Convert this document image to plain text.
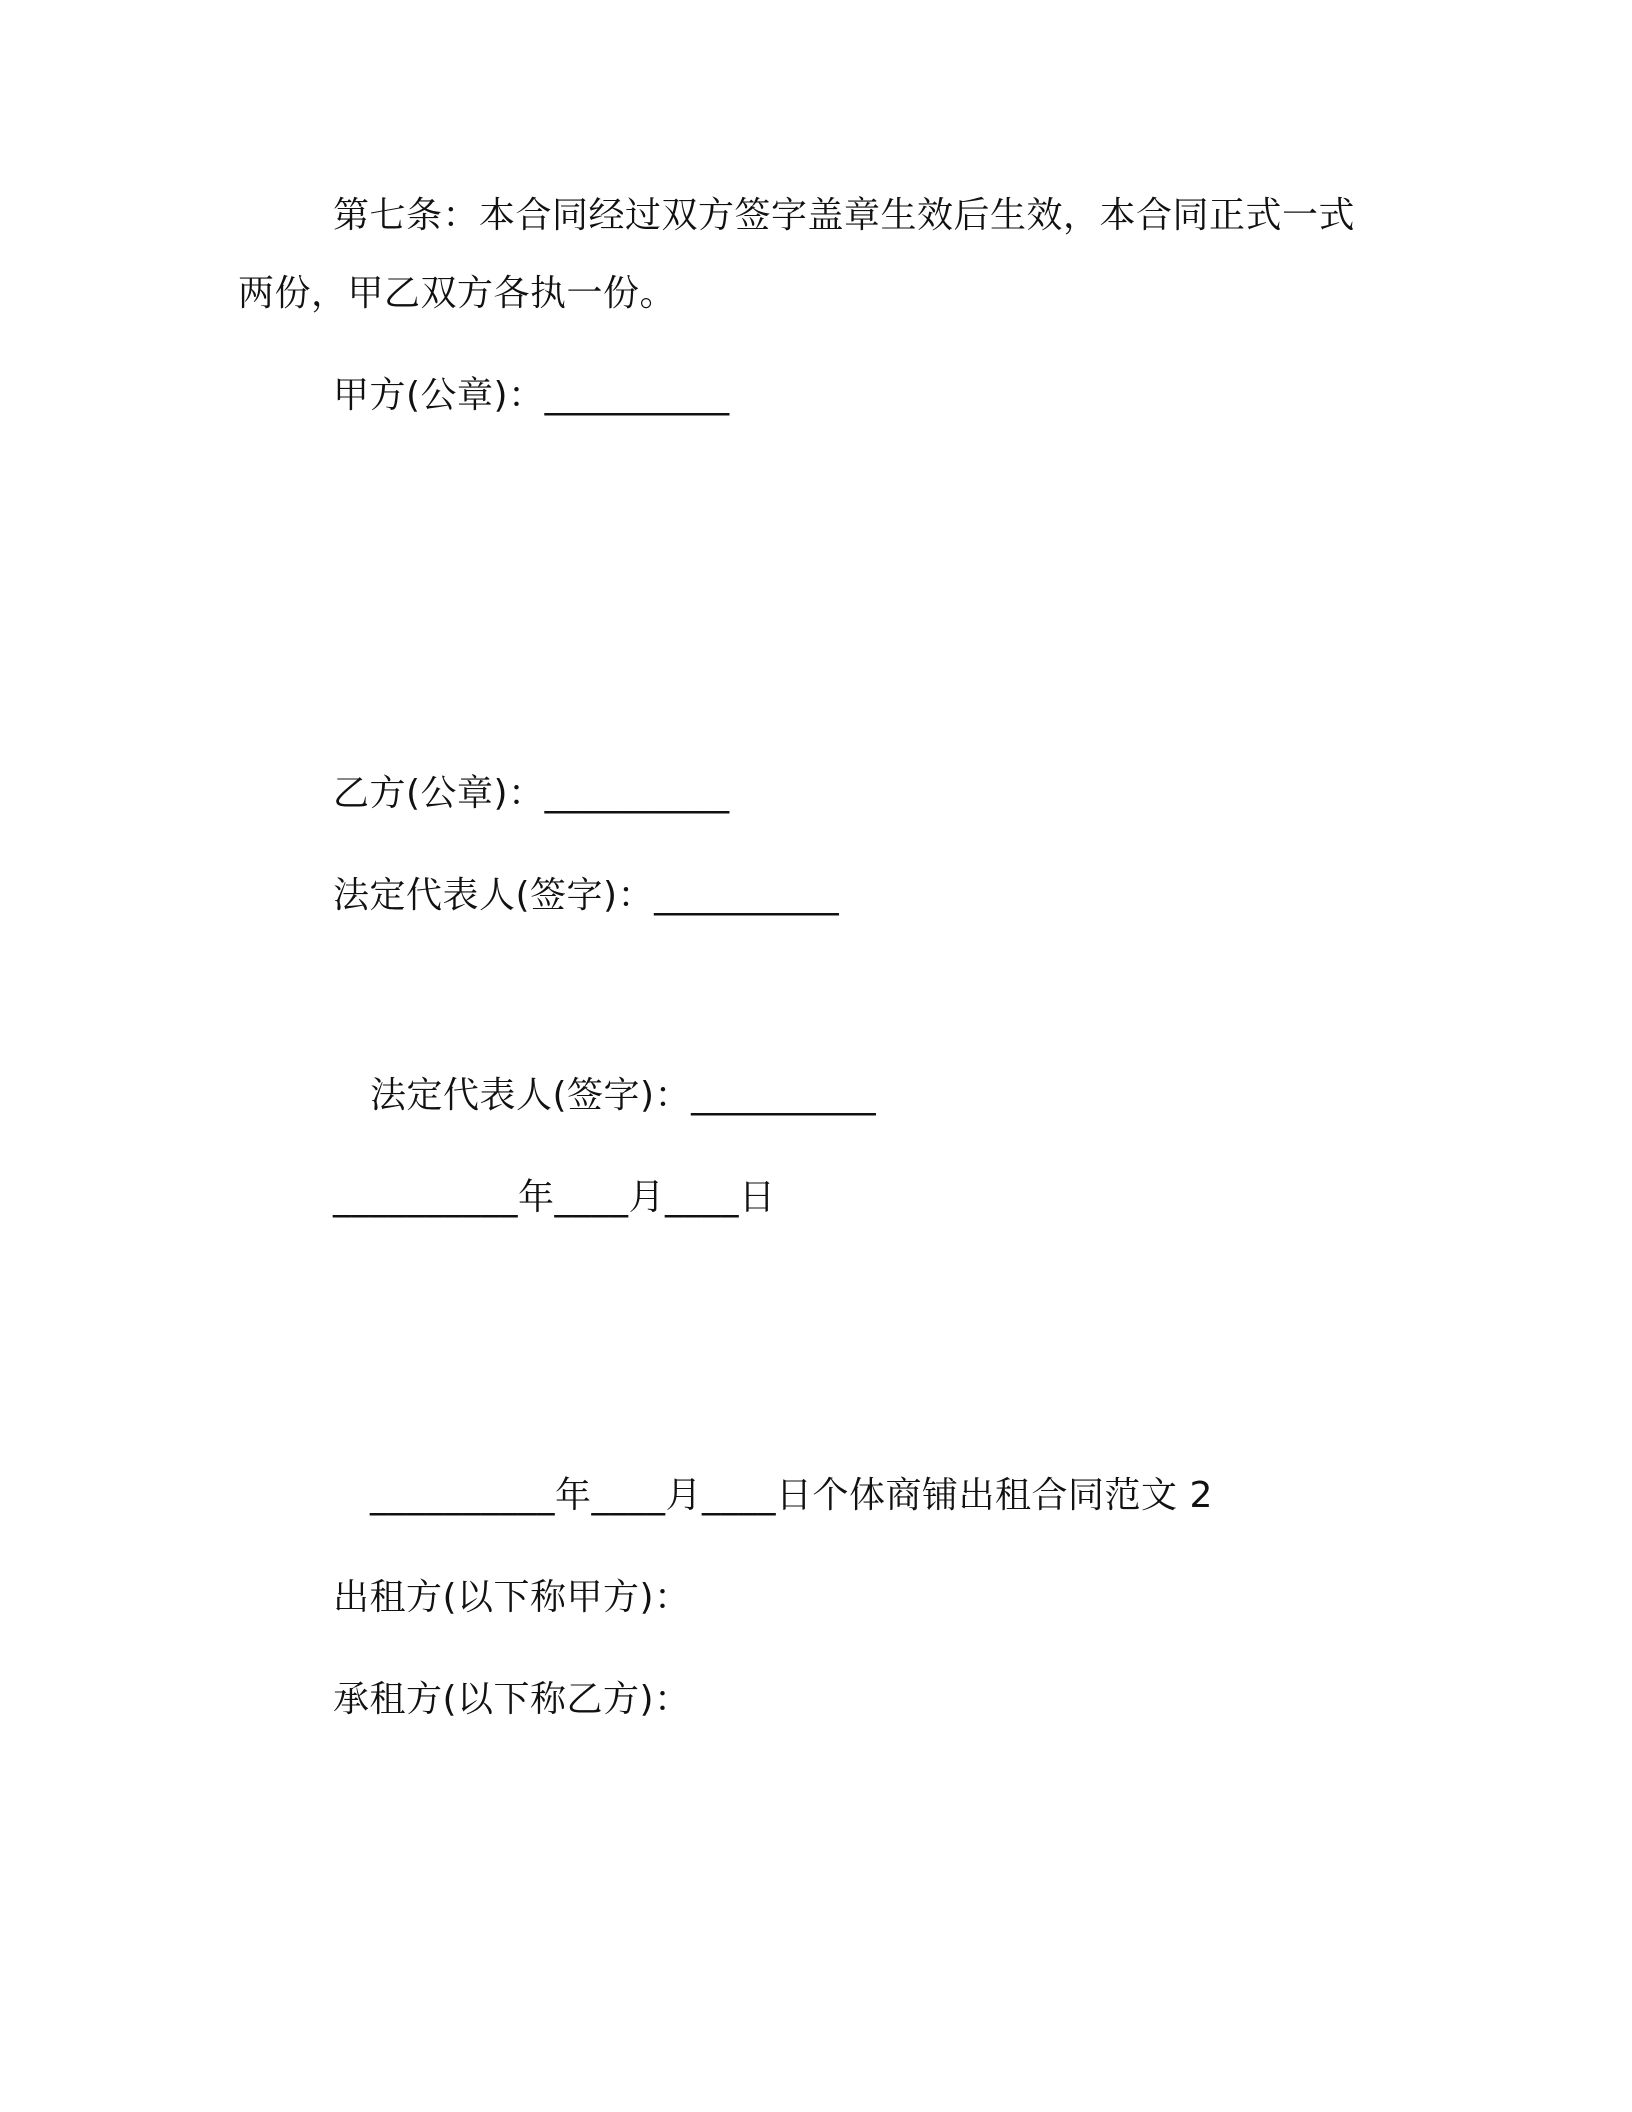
第七条：本合同经过双方签字盖章生效后生效，本合同正式一式

两份，甲乙双方各执一份。

甲方(公章)：__________

乙方(公章)：__________

法定代表人(签字)：__________

法定代表人(签字)：__________

__________年____月____日

__________年____月____日个体商铺出租合同范文 2

出租方(以下称甲方)：

承租方(以下称乙方)：
